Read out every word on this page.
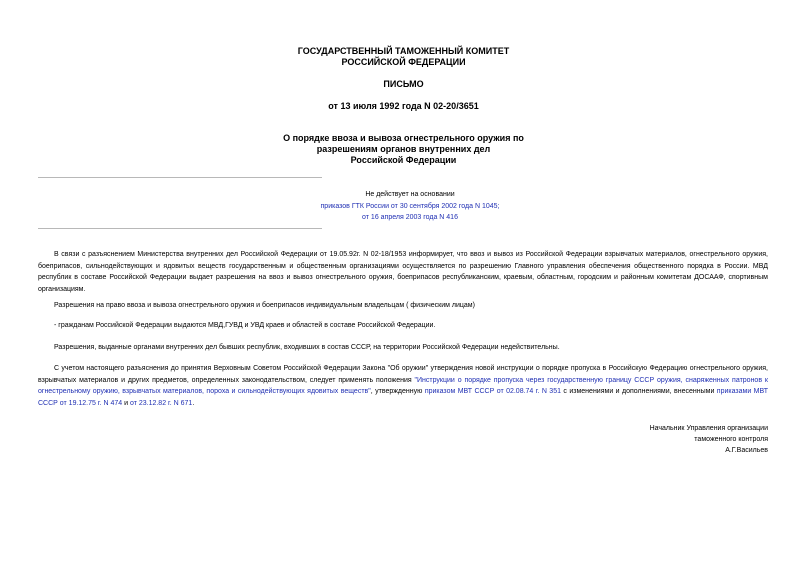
ГОСУДАРСТВЕННЫЙ ТАМОЖЕННЫЙ КОМИТЕТ
РОССИЙСКОЙ ФЕДЕРАЦИИ
ПИСЬМО
от 13 июля 1992 года N 02-20/3651
О порядке ввоза и вывоза огнестрельного оружия по
разрешениям органов внутренних дел
Российской Федерации
Не действует на основании
приказов ГТК России от 30 сентября 2002 года N 1045;
от 16 апреля 2003 года N 416
В связи с разъяснением Министерства внутренних дел Российской Федерации от 19.05.92г. N 02-18/1953 информирует, что ввоз и вывоз из Российской Федерации взрывчатых материалов, огнестрельного оружия, боеприпасов, сильнодействующих и ядовитых веществ государственным и общественным организациями осуществляется по разрешению Главного управления обеспечения общественного порядка в России. МВД республик в составе Российской Федерации выдает разрешения на ввоз и вывоз огнестрельного оружия, боеприпасов республиканским, краевым, областным, городским и районным комитетам ДОСААФ, спортивным организациям.
Разрешения на право ввоза и вывоза огнестрельного оружия и боеприпасов индивидуальным владельцам ( физическим лицам)
- гражданам Российской Федерации выдаются МВД,ГУВД и УВД краев и областей в составе Российской Федерации.
Разрешения, выданные органами внутренних дел бывших республик, входивших в состав СССР, на территории Российской Федерации недействительны.
С учетом настоящего разъяснения до принятия Верховным Советом Российской Федерации Закона "Об оружии" утверждения новой инструкции о порядке пропуска в Российскую Федерацию огнестрельного оружия, взрывчатых материалов и других предметов, определенных законодательством, следует применять положения "Инструкции о порядке пропуска через государственную границу СССР оружия, снаряженных патронов к огнестрельному оружию, взрывчатых материалов, пороха и сильнодействующих ядовитых веществ", утвержденную приказом МВТ СССР от 02.08.74 г. N 351 с изменениями и дополнениями, внесенными приказами МВТ СССР от 19.12.75 г. N 474 и от 23.12.82 г. N 671.
Начальник Управления организации
таможенного контроля
А.Г.Васильев
